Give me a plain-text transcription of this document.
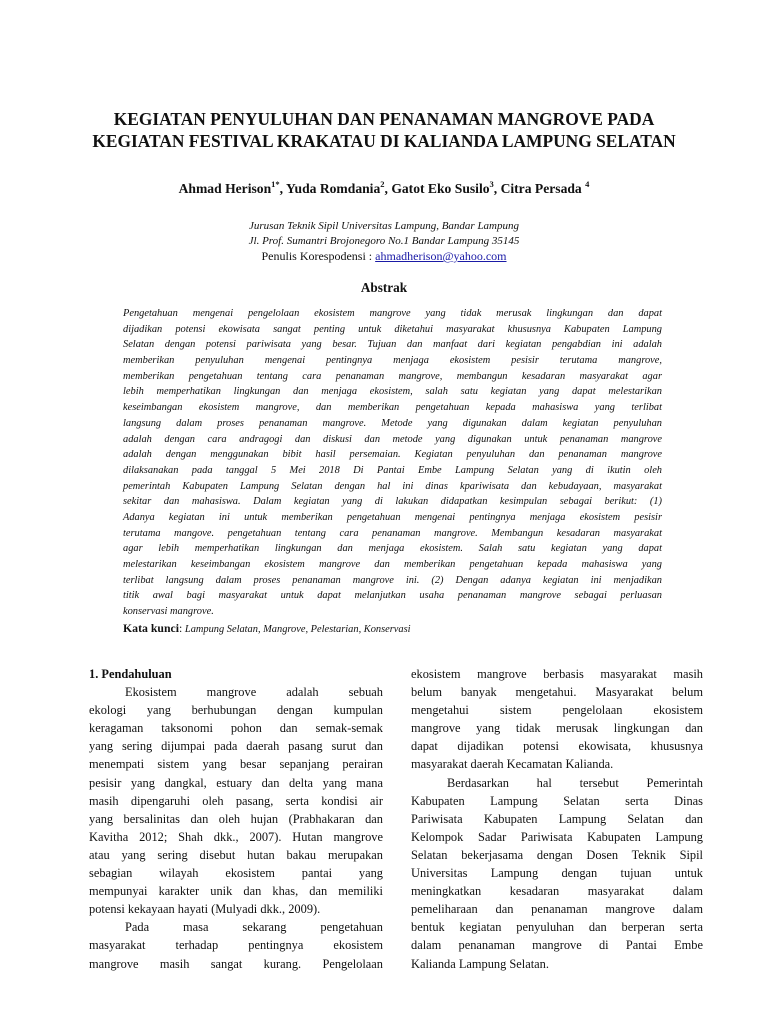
KEGIATAN PENYULUHAN DAN PENANAMAN MANGROVE PADA
KEGIATAN FESTIVAL KRAKATAU DI KALIANDA LAMPUNG SELATAN
Ahmad Herison$^{1*}$, Yuda Romdania$^2$, Gatot Eko Susilo$^3$, Citra Persada $^4$
Jurusan Teknik Sipil Universitas Lampung, Bandar Lampung
Jl. Prof. Sumantri Brojonegoro No.1 Bandar Lampung 35145
Penulis Korespodensi : ahmadherison@yahoo.com
Abstrak
Pengetahuan mengenai pengelolaan ekosistem mangrove yang tidak merusak lingkungan dan dapat
dijadikan potensi ekowisata sangat penting untuk diketahui masyarakat khususnya Kabupaten Lampung
Selatan dengan potensi pariwisata yang besar. Tujuan dan manfaat dari kegiatan pengabdian ini adalah
memberikan penyuluhan mengenai pentingnya menjaga ekosistem pesisir terutama mangrove,
memberikan pengetahuan tentang cara penanaman mangrove, membangun kesadaran masyarakat agar
lebih memperhatikan lingkungan dan menjaga ekosistem, salah satu kegiatan yang dapat melestarikan
keseimbangan ekosistem mangrove, dan memberikan pengetahuan kepada mahasiswa yang terlibat
langsung dalam proses penanaman mangrove. Metode yang digunakan dalam kegiatan penyuluhan
adalah dengan cara andragogi dan diskusi dan metode yang digunakan untuk penanaman mangrove
adalah dengan menggunakan bibit hasil persemaian. Kegiatan penyuluhan dan penanaman mangrove
dilaksanakan pada tanggal 5 Mei 2018 Di Pantai Embe Lampung Selatan yang di ikutin oleh
pemerintah Kabupaten Lampung Selatan dengan hal ini dinas kpariwisata dan kebudayaan, masyarakat
sekitar dan mahasiswa. Dalam kegiatan yang di lakukan didapatkan kesimpulan sebagai berikut: (1)
Adanya kegiatan ini untuk memberikan pengetahuan mengenai pentingnya menjaga ekosistem pesisir
terutama mangove. pengetahuan tentang cara penanaman mangrove. Membangun kesadaran masyarakat
agar lebih memperhatikan lingkungan dan menjaga ekosistem. Salah satu kegiatan yang dapat
melestarikan keseimbangan ekosistem mangrove dan memberikan pengetahuan kepada mahasiswa yang
terlibat langsung dalam proses penanaman mangrove ini. (2) Dengan adanya kegiatan ini menjadikan
titik awal bagi masyarakat untuk dapat melanjutkan usaha penanaman mangrove sebagai perluasan
konservasi mangrove.
Kata kunci: Lampung Selatan, Mangrove, Pelestarian, Konservasi
1. Pendahuluan
Ekosistem mangrove adalah sebuah
ekologi yang berhubungan dengan kumpulan
keragaman taksonomi pohon dan semak-semak
yang sering dijumpai pada daerah pasang surut dan
menempati sistem yang besar sepanjang perairan
pesisir yang dangkal, estuary dan delta yang mana
masih dipengaruhi oleh pasang, serta kondisi air
yang bersalinitas dan oleh hujan (Prabhakaran dan
Kavitha 2012; Shah dkk., 2007). Hutan mangrove
atau yang sering disebut hutan bakau merupakan
sebagian wilayah ekosistem pantai yang
mempunyai karakter unik dan khas, dan memiliki
potensi kekayaan hayati (Mulyadi dkk., 2009).
Pada masa sekarang pengetahuan
masyarakat terhadap pentingnya ekosistem
mangrove masih sangat kurang. Pengelolaan
ekosistem mangrove berbasis masyarakat masih
belum banyak mengetahui. Masyarakat belum
mengetahui sistem pengelolaan ekosistem
mangrove yang tidak merusak lingkungan dan
dapat dijadikan potensi ekowisata, khususnya
masyarakat daerah Kecamatan Kalianda.
Berdasarkan hal tersebut Pemerintah
Kabupaten Lampung Selatan serta Dinas
Pariwisata Kabupaten Lampung Selatan dan
Kelompok Sadar Pariwisata Kabupaten Lampung
Selatan bekerjasama dengan Dosen Teknik Sipil
Universitas Lampung dengan tujuan untuk
meningkatkan kesadaran masyarakat dalam
pemeliharaan dan penanaman mangrove dalam
bentuk kegiatan penyuluhan dan berperan serta
dalam penanaman mangrove di Pantai Embe
Kalianda Lampung Selatan.
